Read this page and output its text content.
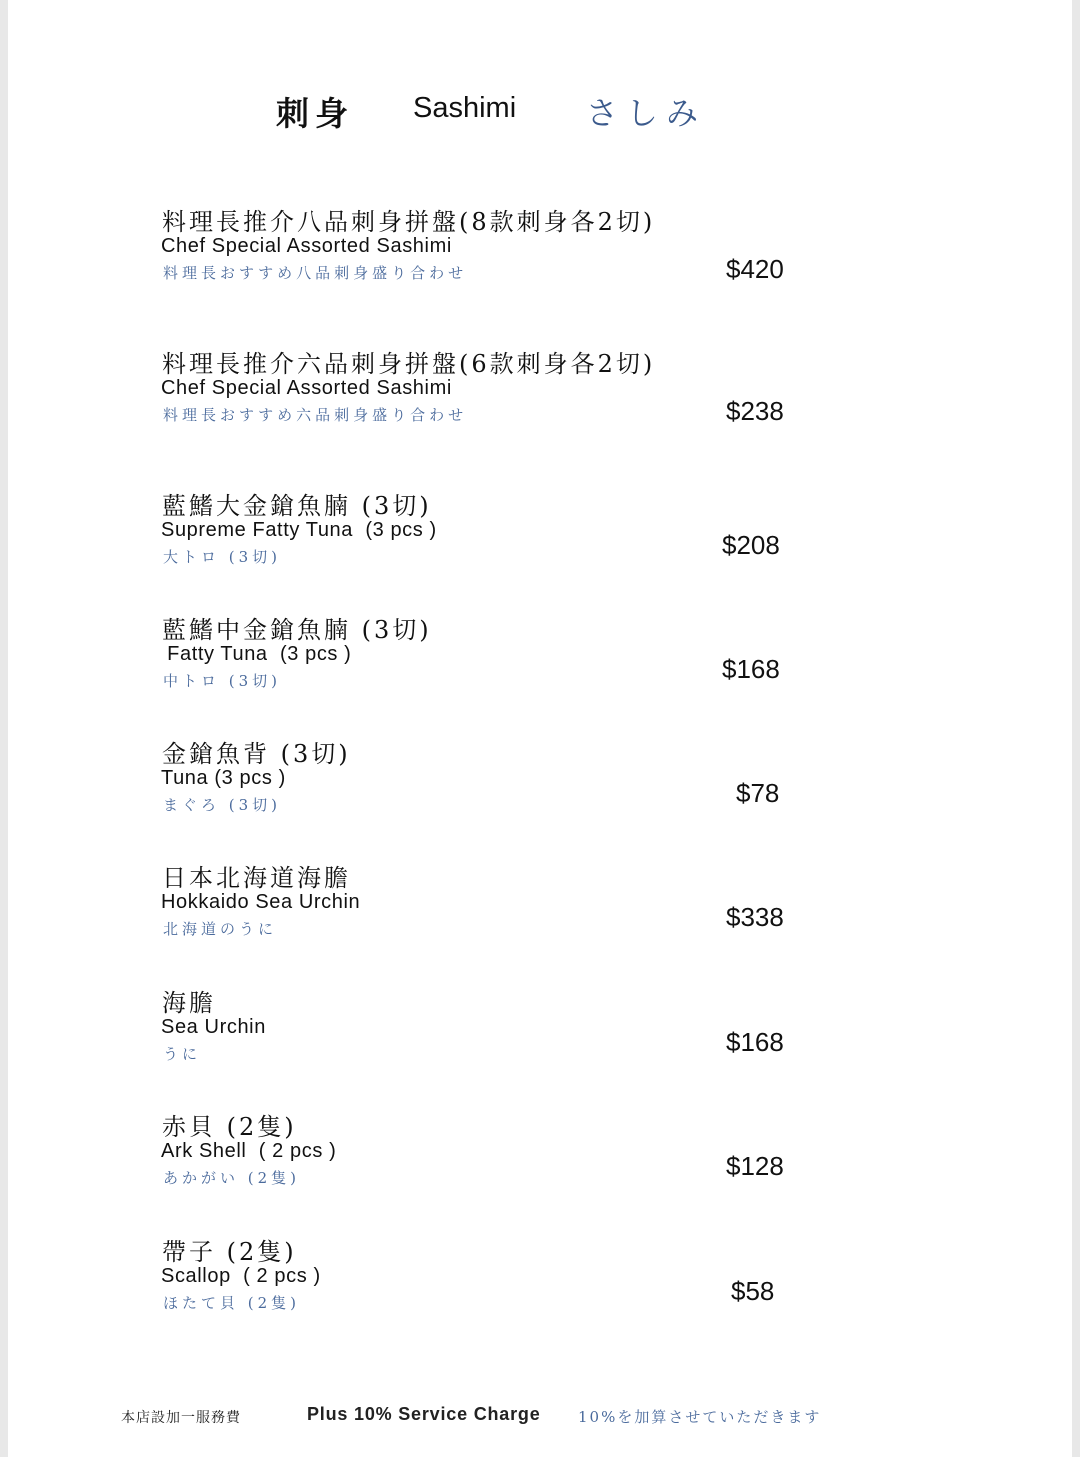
刺身 Sashimi さしみ
料理長推介八品刺身拼盤(8款刺身各2切)
Chef Special Assorted Sashimi
料理長おすすめ八品刺身盛り合わせ	$420
料理長推介六品刺身拼盤(6款刺身各2切)
Chef Special Assorted Sashimi
料理長おすすめ六品刺身盛り合わせ	$238
藍鰭大金鎗魚腩 (3切)
Supreme Fatty Tuna  (3 pcs )
大トロ (3切)	$208
藍鰭中金鎗魚腩 (3切)
Fatty Tuna  (3 pcs )
中トロ (3切)	$168
金鎗魚背 (3切)
Tuna (3 pcs )
まぐろ (3切)	$78
日本北海道海膽
Hokkaido Sea Urchin
北海道のうに	$338
海膽
Sea Urchin
うに	$168
赤貝 (2隻)
Ark Shell  ( 2 pcs )
あかがい (2隻)	$128
帶子 (2隻)
Scallop  ( 2 pcs )
ほたて貝 (2隻)	$58
本店設加一服務費	Plus 10% Service Charge 10%を加算させていただきます
